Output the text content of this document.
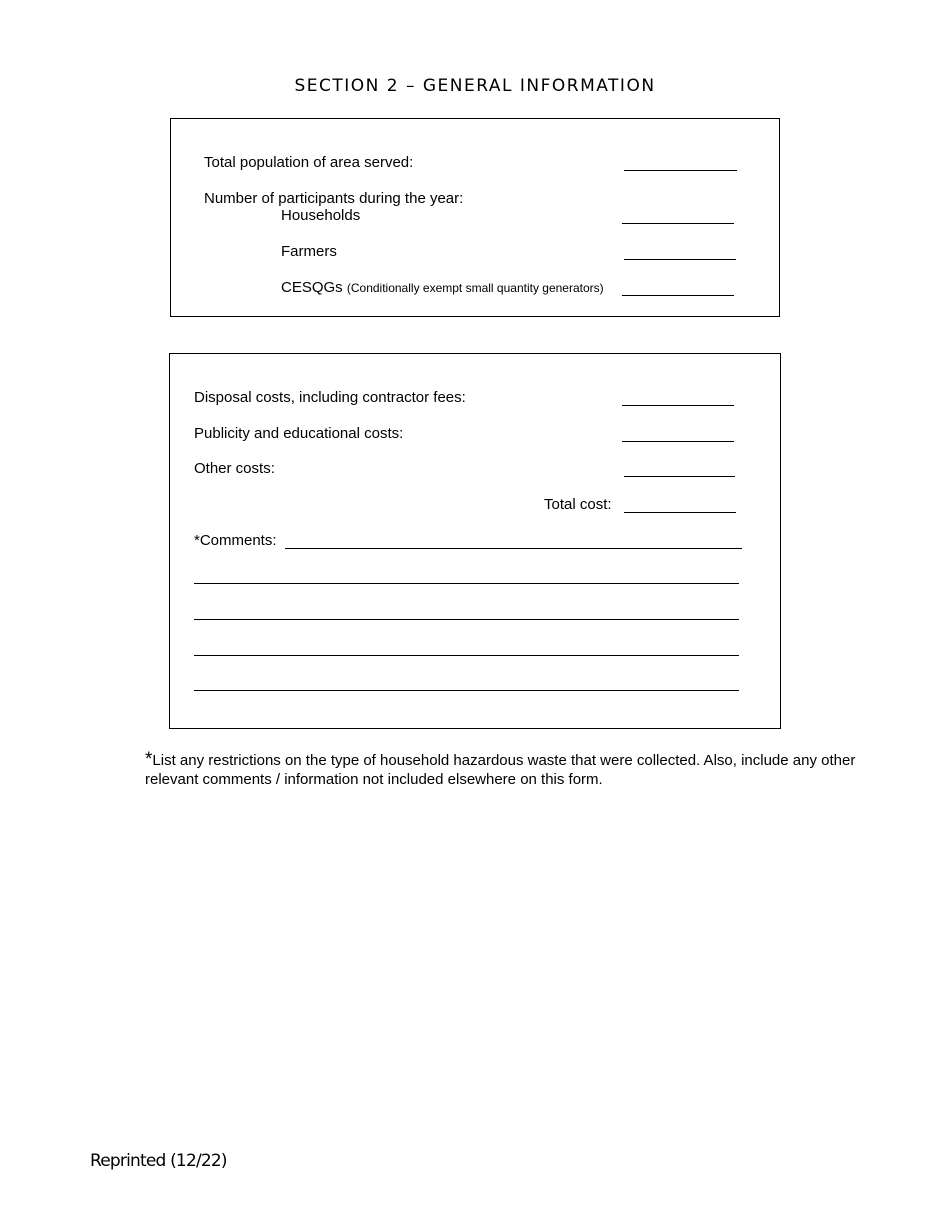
SECTION 2 – GENERAL INFORMATION
Total population of area served:
Number of participants during the year:
Households
Farmers
CESQGs (Conditionally exempt small quantity generators)
Disposal costs, including contractor fees:
Publicity and educational costs:
Other costs:
Total cost:
*Comments:
*List any restrictions on the type of household hazardous waste that were collected. Also, include any other relevant comments / information not included elsewhere on this form.
Reprinted (12/22)
